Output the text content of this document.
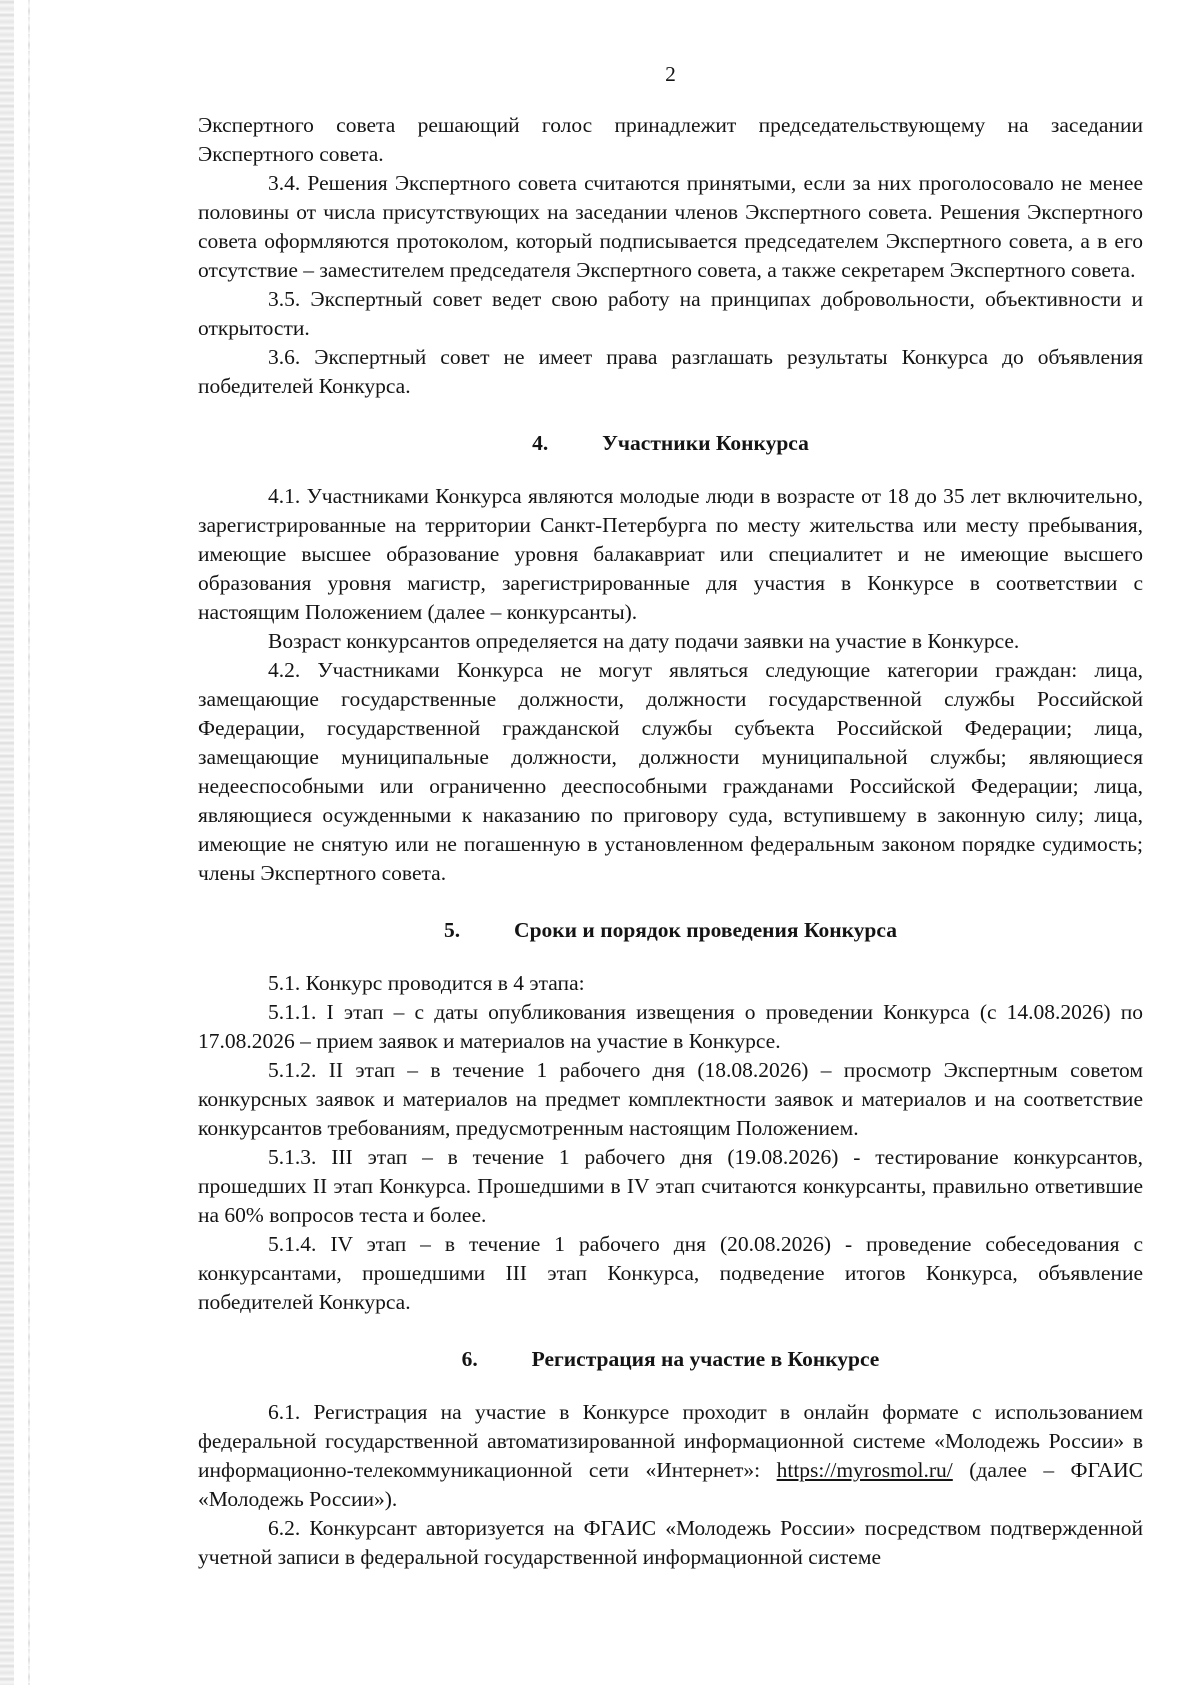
2

Экспертного совета решающий голос принадлежит председательствующему на заседании Экспертного совета.

3.4. Решения Экспертного совета считаются принятыми, если за них проголосовало не менее половины от числа присутствующих на заседании членов Экспертного совета. Решения Экспертного совета оформляются протоколом, который подписывается председателем Экспертного совета, а в его отсутствие – заместителем председателя Экспертного совета, а также секретарем Экспертного совета.

3.5. Экспертный совет ведет свою работу на принципах добровольности, объективности и открытости.

3.6. Экспертный совет не имеет права разглашать результаты Конкурса до объявления победителей Конкурса.

4.	Участники Конкурса

4.1. Участниками Конкурса являются молодые люди в возрасте от 18 до 35 лет включительно, зарегистрированные на территории Санкт-Петербурга по месту жительства или месту пребывания, имеющие высшее образование уровня балакавриат или специалитет и не имеющие высшего образования уровня магистр, зарегистрированные для участия в Конкурсе в соответствии с настоящим Положением (далее – конкурсанты).

Возраст конкурсантов определяется на дату подачи заявки на участие в Конкурсе.

4.2. Участниками Конкурса не могут являться следующие категории граждан: лица, замещающие государственные должности, должности государственной службы Российской Федерации, государственной гражданской службы субъекта Российской Федерации; лица, замещающие муниципальные должности, должности муниципальной службы; являющиеся недееспособными или ограниченно дееспособными гражданами Российской Федерации; лица, являющиеся осужденными к наказанию по приговору суда, вступившему в законную силу; лица, имеющие не снятую или не погашенную в установленном федеральным законом порядке судимость; члены Экспертного совета.

5.	Сроки и порядок проведения Конкурса

5.1. Конкурс проводится в 4 этапа:

5.1.1. I этап – с даты опубликования извещения о проведении Конкурса (с 14.08.2026) по 17.08.2026 – прием заявок и материалов на участие в Конкурсе.

5.1.2. II этап – в течение 1 рабочего дня (18.08.2026) – просмотр Экспертным советом конкурсных заявок и материалов на предмет комплектности заявок и материалов и на соответствие конкурсантов требованиям, предусмотренным настоящим Положением.

5.1.3. III этап – в течение 1 рабочего дня (19.08.2026) - тестирование конкурсантов, прошедших II этап Конкурса. Прошедшими в IV этап считаются конкурсанты, правильно ответившие на 60% вопросов теста и более.

5.1.4. IV этап – в течение 1 рабочего дня (20.08.2026) - проведение собеседования с конкурсантами, прошедшими III этап Конкурса, подведение итогов Конкурса, объявление победителей Конкурса.

6.	Регистрация на участие в Конкурсе

6.1. Регистрация на участие в Конкурсе проходит в онлайн формате с использованием федеральной государственной автоматизированной информационной системе «Молодежь России» в информационно-телекоммуникационной сети «Интернет»: https://myrosmol.ru/ (далее – ФГАИС «Молодежь России»).

6.2. Конкурсант авторизуется на ФГАИС «Молодежь России» посредством подтвержденной учетной записи в федеральной государственной информационной системе
